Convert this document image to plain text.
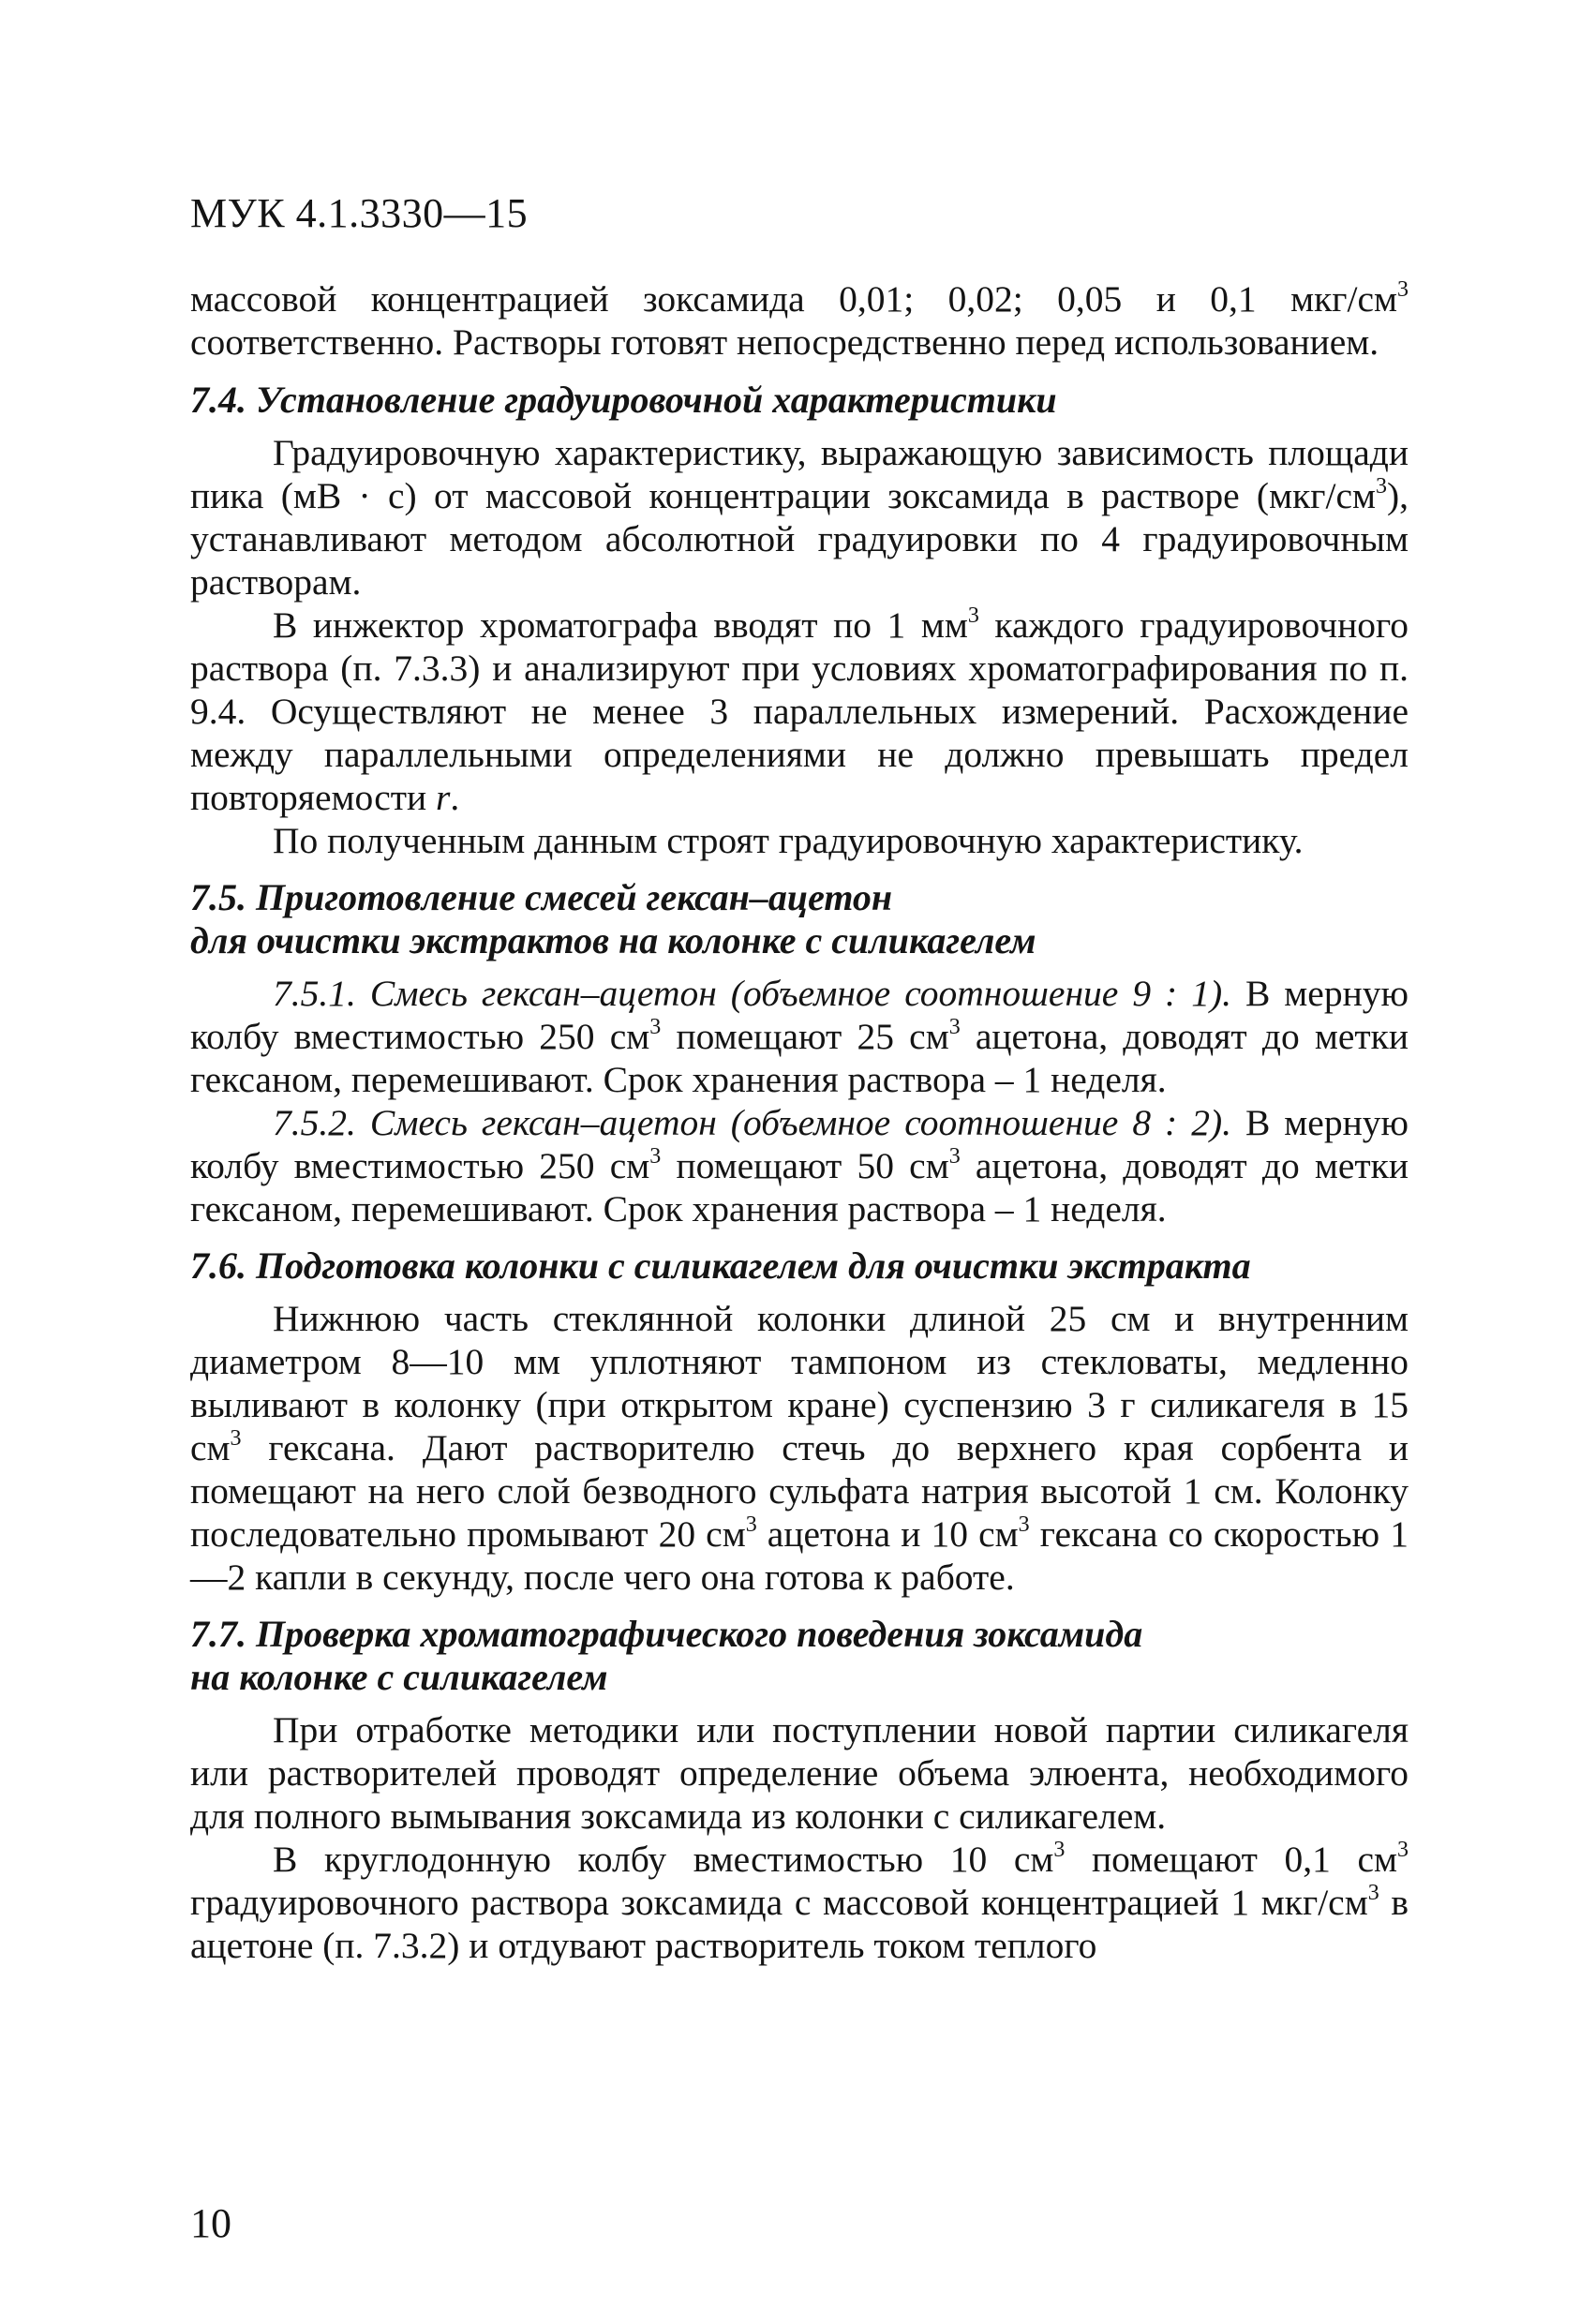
МУК 4.1.3330—15

массовой концентрацией зоксамида 0,01; 0,02; 0,05 и 0,1 мкг/$см^3$ соответственно. Растворы готовят непосредственно перед использованием.

7.4. Установление градуировочной характеристики

Градуировочную характеристику, выражающую зависимость площади пика (мВ · с) от массовой концентрации зоксамида в растворе $(мкг/см^3)$, устанавливают методом абсолютной градуировки по 4 градуировочным растворам.

В инжектор хроматографа вводят по 1 $мм^3$ каждого градуировочного раствора (п. 7.3.3) и анализируют при условиях хроматографирования по п. 9.4. Осуществляют не менее 3 параллельных измерений. Расхождение между параллельными определениями не должно превышать предел повторяемости r.

По полученным данным строят градуировочную характеристику.

7.5. Приготовление смесей гексан–ацетон
для очистки экстрактов на колонке с силикагелем

7.5.1. Смесь гексан–ацетон (объемное соотношение 9 : 1). В мерную колбу вместимостью 250 $см^3$ помещают 25 $см^3$ ацетона, доводят до метки гексаном, перемешивают. Срок хранения раствора – 1 неделя.

7.5.2. Смесь гексан–ацетон (объемное соотношение 8 : 2). В мерную колбу вместимостью 250 $см^3$ помещают 50 $см^3$ ацетона, доводят до метки гексаном, перемешивают. Срок хранения раствора – 1 неделя.

7.6. Подготовка колонки с силикагелем для очистки экстракта

Нижнюю часть стеклянной колонки длиной 25 см и внутренним диаметром 8—10 мм уплотняют тампоном из стекловаты, медленно выливают в колонку (при открытом кране) суспензию 3 г силикагеля в 15 $см^3$ гексана. Дают растворителю стечь до верхнего края сорбента и помещают на него слой безводного сульфата натрия высотой 1 см. Колонку последовательно промывают 20 $см^3$ ацетона и 10 $см^3$ гексана со скоростью 1—2 капли в секунду, после чего она готова к работе.

7.7. Проверка хроматографического поведения зоксамида
на колонке с силикагелем

При отработке методики или поступлении новой партии силикагеля или растворителей проводят определение объема элюента, необходимого для полного вымывания зоксамида из колонки с силикагелем.

В круглодонную колбу вместимостью 10 $см^3$ помещают 0,1 $см^3$ градуировочного раствора зоксамида с массовой концентрацией 1 мкг/$см^3$ в ацетоне (п. 7.3.2) и отдувают растворитель током теплого

10
